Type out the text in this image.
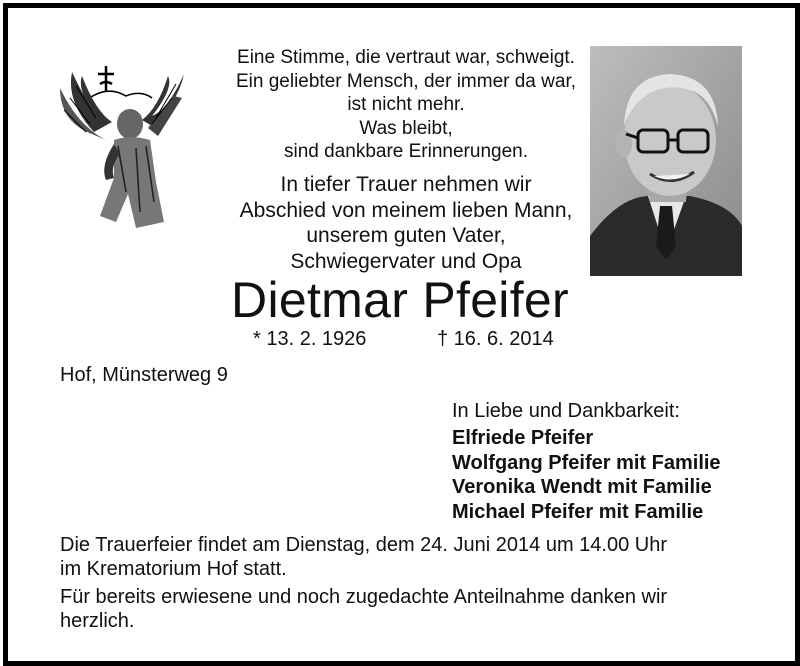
Eine Stimme, die vertraut war, schweigt.
Ein geliebter Mensch, der immer da war,
ist nicht mehr.
Was bleibt,
sind dankbare Erinnerungen.
In tiefer Trauer nehmen wir
Abschied von meinem lieben Mann,
unserem guten Vater,
Schwiegervater und Opa
Dietmar Pfeifer
* 13. 2. 1926	† 16. 6. 2014
Hof, Münsterweg 9
In Liebe und Dankbarkeit:
Elfriede Pfeifer
Wolfgang Pfeifer mit Familie
Veronika Wendt mit Familie
Michael Pfeifer mit Familie
Die Trauerfeier findet am Dienstag, dem 24. Juni 2014 um 14.00 Uhr
im Krematorium Hof statt.
Für bereits erwiesene und noch zugedachte Anteilnahme danken wir
herzlich.
